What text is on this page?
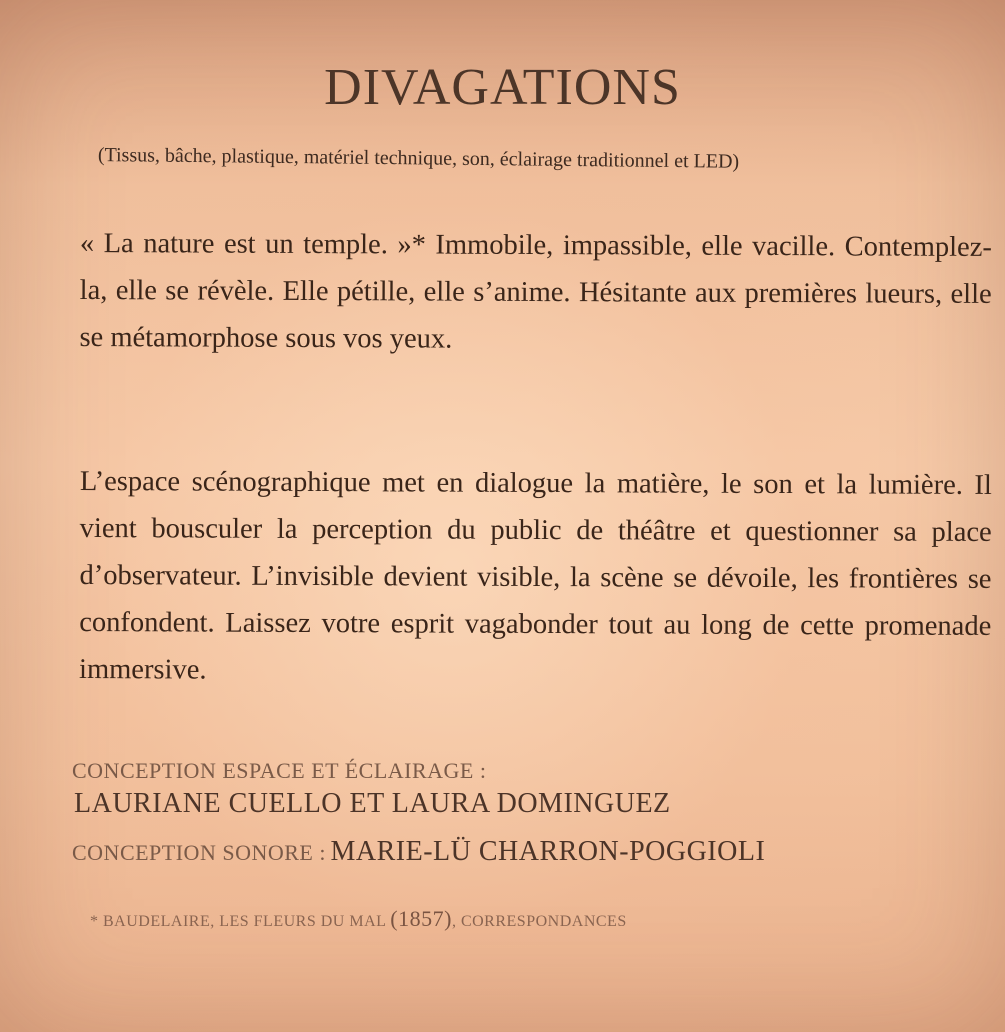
DIVAGATIONS
(Tissus, bâche, plastique, matériel technique, son, éclairage traditionnel et LED)
« La nature est un temple. »* Immobile, impassible, elle vacille. Contemplez-la, elle se révèle. Elle pétille, elle s’anime. Hésitante aux premières lueurs, elle se métamorphose sous vos yeux.
L’espace scénographique met en dialogue la matière, le son et la lumière. Il vient bousculer la perception du public de théâtre et questionner sa place d’observateur. L’invisible devient visible, la scène se dévoile, les frontières se confondent. Laissez votre esprit vagabonder tout au long de cette promenade immersive.
CONCEPTION ESPACE ET ÉCLAIRAGE :
LAURIANE CUELLO ET LAURA DOMINGUEZ
CONCEPTION SONORE : MARIE-LÜ CHARRON-POGGIOLI
* BAUDELAIRE, LES FLEURS DU MAL (1857), CORRESPONDANCES
